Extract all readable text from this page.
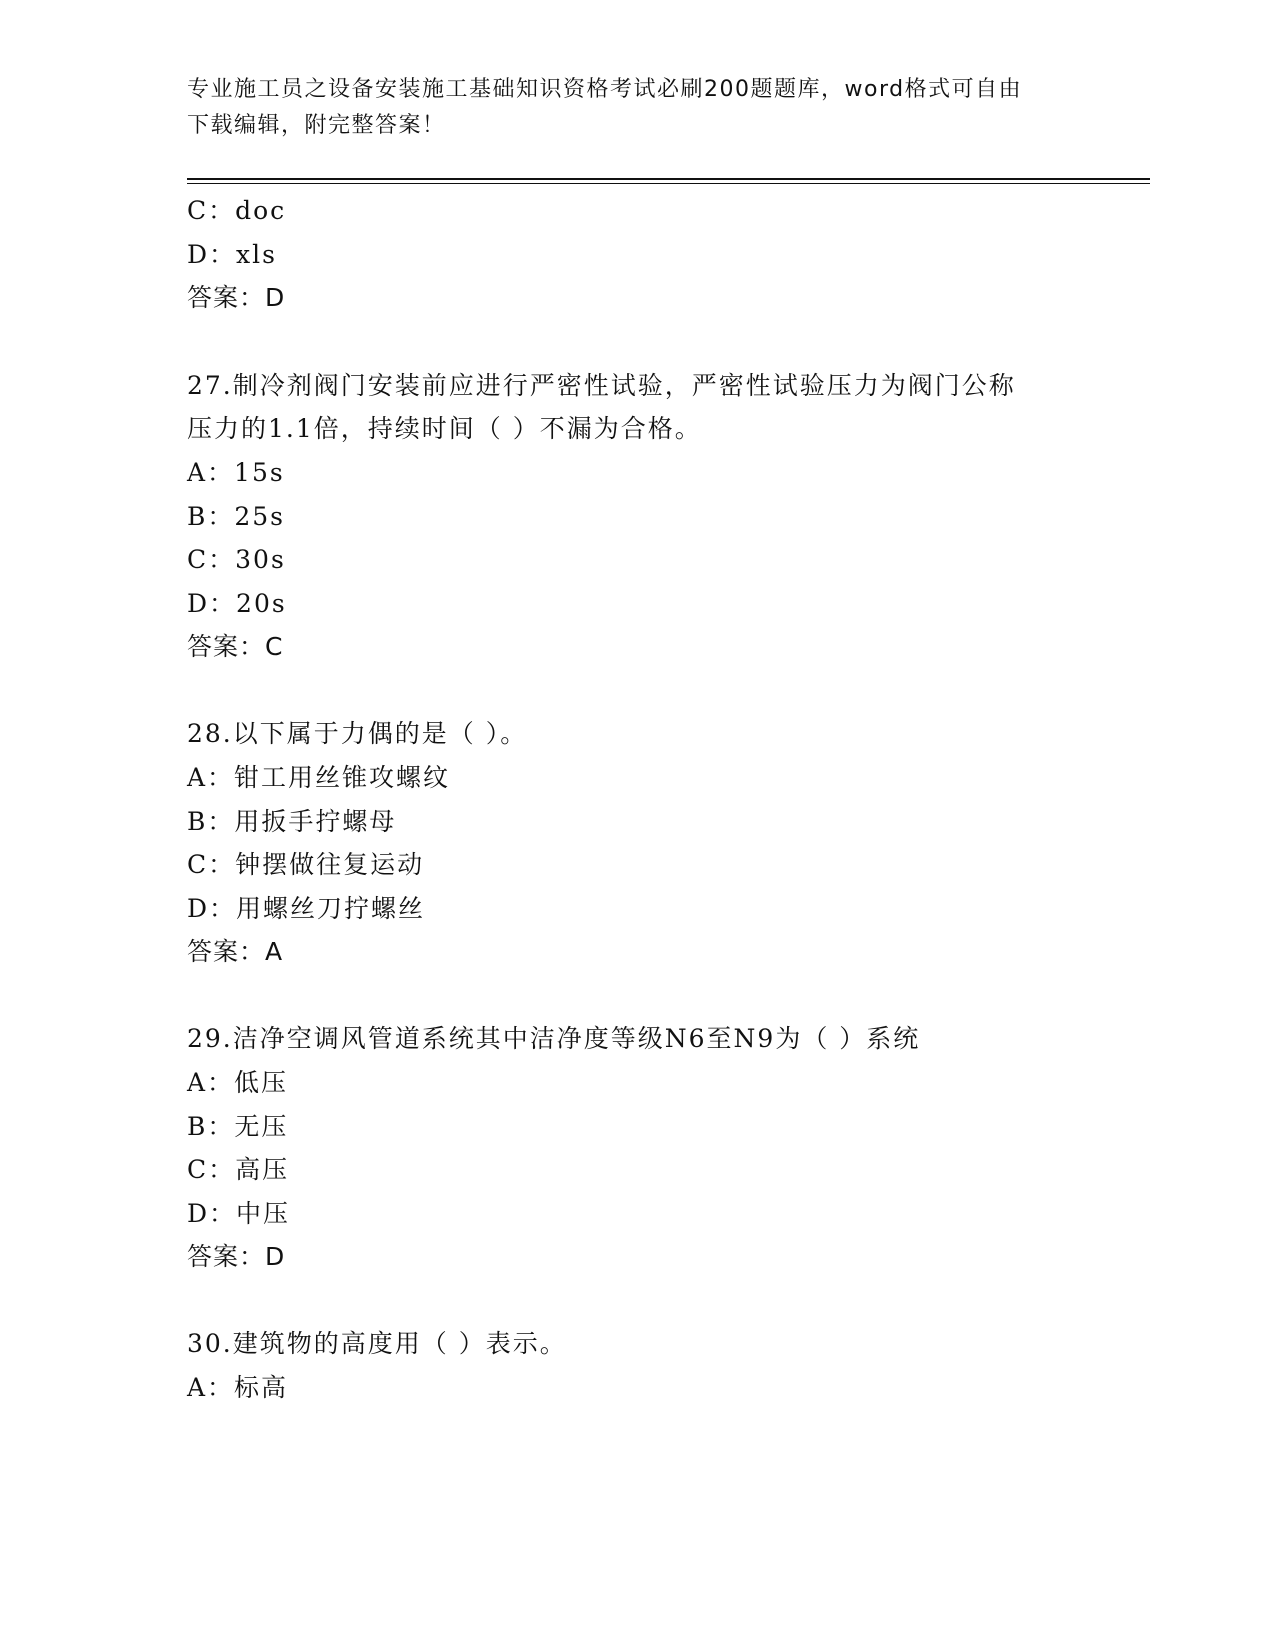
专业施工员之设备安装施工基础知识资格考试必刷200题题库，word格式可自由
下载编辑，附完整答案！
C：doc
D：xls
答案：D
27.制冷剂阀门安装前应进行严密性试验，严密性试验压力为阀门公称
压力的1.1倍，持续时间（ ）不漏为合格。
A：15s
B：25s
C：30s
D：20s
答案：C
28.以下属于力偶的是（ ）。
A：钳工用丝锥攻螺纹
B：用扳手拧螺母
C：钟摆做往复运动
D：用螺丝刀拧螺丝
答案：A
29.洁净空调风管道系统其中洁净度等级N6至N9为（ ）系统
A：低压
B：无压
C：高压
D：中压
答案：D
30.建筑物的高度用（ ）表示。
A：标高
